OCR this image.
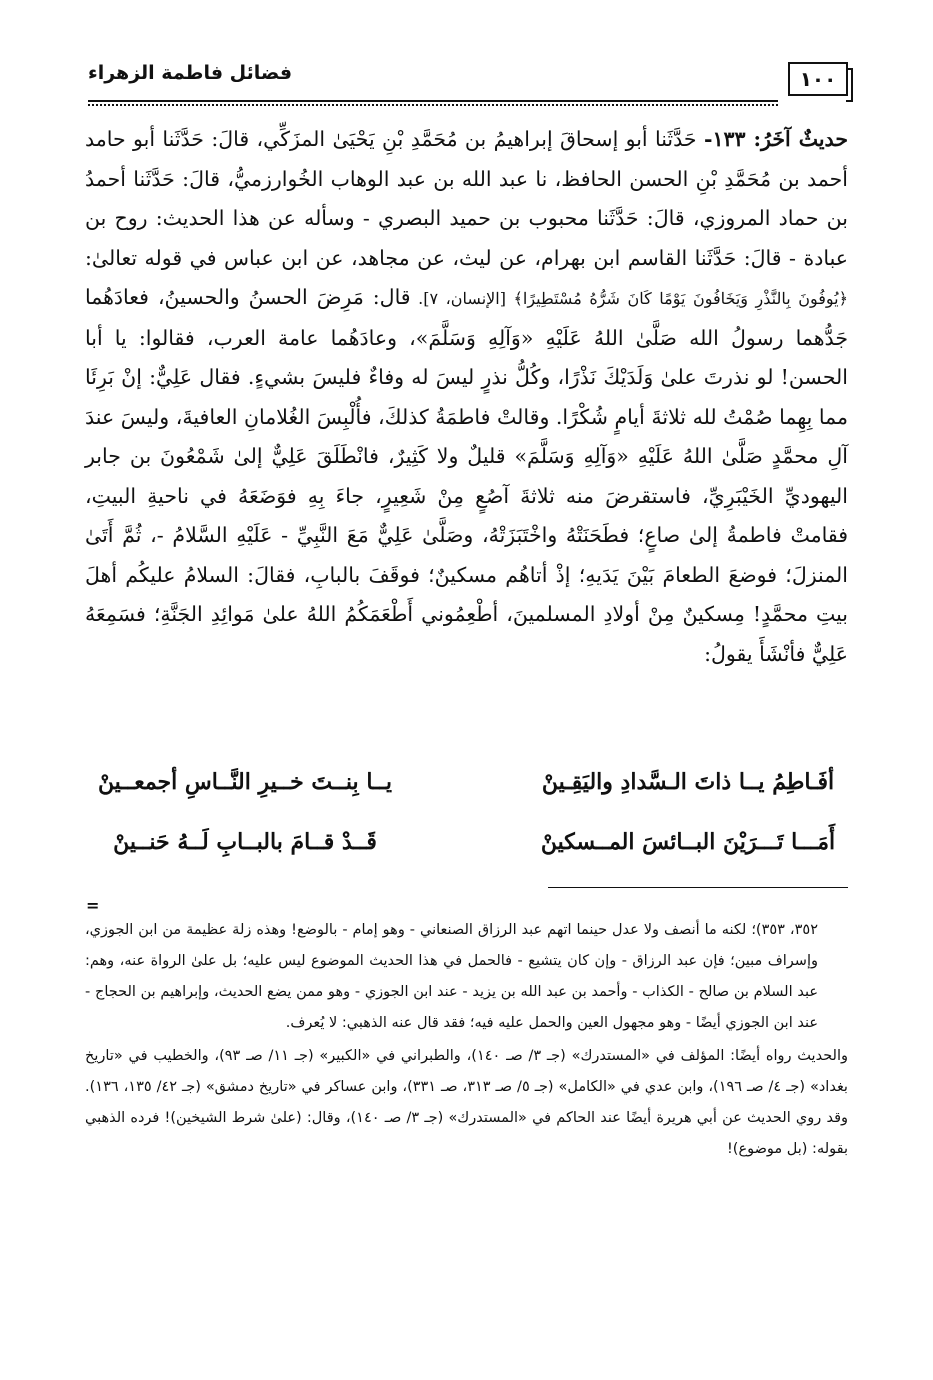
١٠٠
فضائل فاطمة الزهراء

حديثٌ آخَرُ: ١٣٣- حَدَّثَنا أبو إسحاقَ إبراهيمُ بن مُحَمَّدِ بْنِ يَحْيَىٰ المزَكِّي، قالَ: حَدَّثَنا أبو حامد أحمد بن مُحَمَّدِ بْنِ الحسن الحافظ، نا عبد الله بن عبد الوهاب الخُوارزميُّ، قالَ: حَدَّثَنا أحمدُ بن حماد المروزي، قالَ: حَدَّثَنا محبوب بن حميد البصري - وسأله عن هذا الحديث: روح بن عبادة - قالَ: حَدَّثَنا القاسم ابن بهرام، عن ليث، عن مجاهد، عن ابن عباس في قوله تعالىٰ: ﴿يُوفُونَ بِالنَّذْرِ وَيَخَافُونَ يَوْمًا كَانَ شَرُّهُ مُسْتَطِيرًا﴾ [الإنسان، ٧]. قال: مَرِضَ الحسنُ والحسينُ، فعادَهُما جَدُّهما رسولُ الله صَلَّىٰ اللهُ عَلَيْهِ «وَآلِهِ وَسَلَّمَ»، وعادَهُما عامة العرب، فقالوا: يا أبا الحسن! لو نذرتَ علىٰ وَلَدَيْكَ نَذْرًا، وكُلُّ نذرٍ ليسَ له وفاءٌ فليسَ بشيءٍ. فقال عَلِيٌّ: إنْ بَرِئَا مما بِهِما صُمْتُ لله ثلاثةَ أيامٍ شُكْرًا. وقالتْ فاطمَةُ كذلكَ، فأُلْبِسَ الغُلامانِ العافيةَ، وليسَ عندَ آلِ محمَّدٍ صَلَّىٰ اللهُ عَلَيْهِ «وَآلِهِ وَسَلَّمَ» قليلٌ ولا كَثِيرٌ، فانْطَلَقَ عَلِيٌّ إلىٰ شَمْعُونَ بن جابر اليهوديِّ الخَيْبَرِيِّ، فاستقرضَ منه ثلاثةَ آصُعٍ مِنْ شَعِيرٍ، جاءَ بِهِ فوَضَعَهُ في ناحيةِ البيتِ، فقامتْ فاطمةُ إلىٰ صاعٍ؛ فطَحَنَتْهُ واخْتَبَزَتْهُ، وصَلَّىٰ عَلِيٌّ مَعَ النَّبِيِّ - عَلَيْهِ السَّلامُ -، ثُمَّ أَتَىٰ المنزلَ؛ فوضعَ الطعامَ بَيْنَ يَدَيهِ؛ إذْ أتاهُم مسكينٌ؛ فوقَفَ بالبابِ، فقالَ: السلامُ عليكُم أهلَ بيتِ محمَّدٍ! مِسكينٌ مِنْ أولادِ المسلمينَ، أطْعِمُوني أَطْعَمَكُمُ اللهُ علىٰ مَوائِدِ الجَنَّةِ؛ فسَمِعَهُ عَلِيٌّ فأنْشَأَ يقولُ:

أفَـاطِمُ يــا ذاتَ الـسَّدادِ واليَقِـينْ
يــا بِنــتَ خــيرِ النَّــاسِ أجمعــينْ
أَمَـــا تَـــرَيْنَ البــائسَ المــسكينْ
قَــدْ قــامَ بالبــابِ لَــهُ حَنــينْ
=

٣٥٢، ٣٥٣)؛ لكنه ما أنصف ولا عدل حينما اتهم عبد الرزاق الصنعاني - وهو إمام - بالوضع! وهذه زلة عظيمة من ابن الجوزي، وإسراف مبين؛ فإن عبد الرزاق - وإن كان يتشيع - فالحمل في هذا الحديث الموضوع ليس عليه؛ بل علىٰ الرواة عنه، وهم: عبد السلام بن صالح - الكذاب - وأحمد بن عبد الله بن يزيد - عند ابن الجوزي - وهو ممن يضع الحديث، وإبراهيم بن الحجاج - عند ابن الجوزي أيضًا - وهو مجهول العين والحمل عليه فيه؛ فقد قال عنه الذهبي: لا يُعرف.

والحديث رواه أيضًا: المؤلف في «المستدرك» (جـ ٣/ صـ ١٤٠)، والطبراني في «الكبير» (جـ ١١/ صـ ٩٣)، والخطيب في «تاريخ بغداد» (جـ ٤/ صـ ١٩٦)، وابن عدي في «الكامل» (جـ ٥/ صـ ٣١٣، صـ ٣٣١)، وابن عساكر في «تاريخ دمشق» (جـ ٤٢/ ١٣٥، ١٣٦). وقد روي الحديث عن أبي هريرة أيضًا عند الحاكم في «المستدرك» (جـ ٣/ صـ ١٤٠)، وقال: (علىٰ شرط الشيخين)! فرده الذهبي بقوله: (بل موضوع)!
